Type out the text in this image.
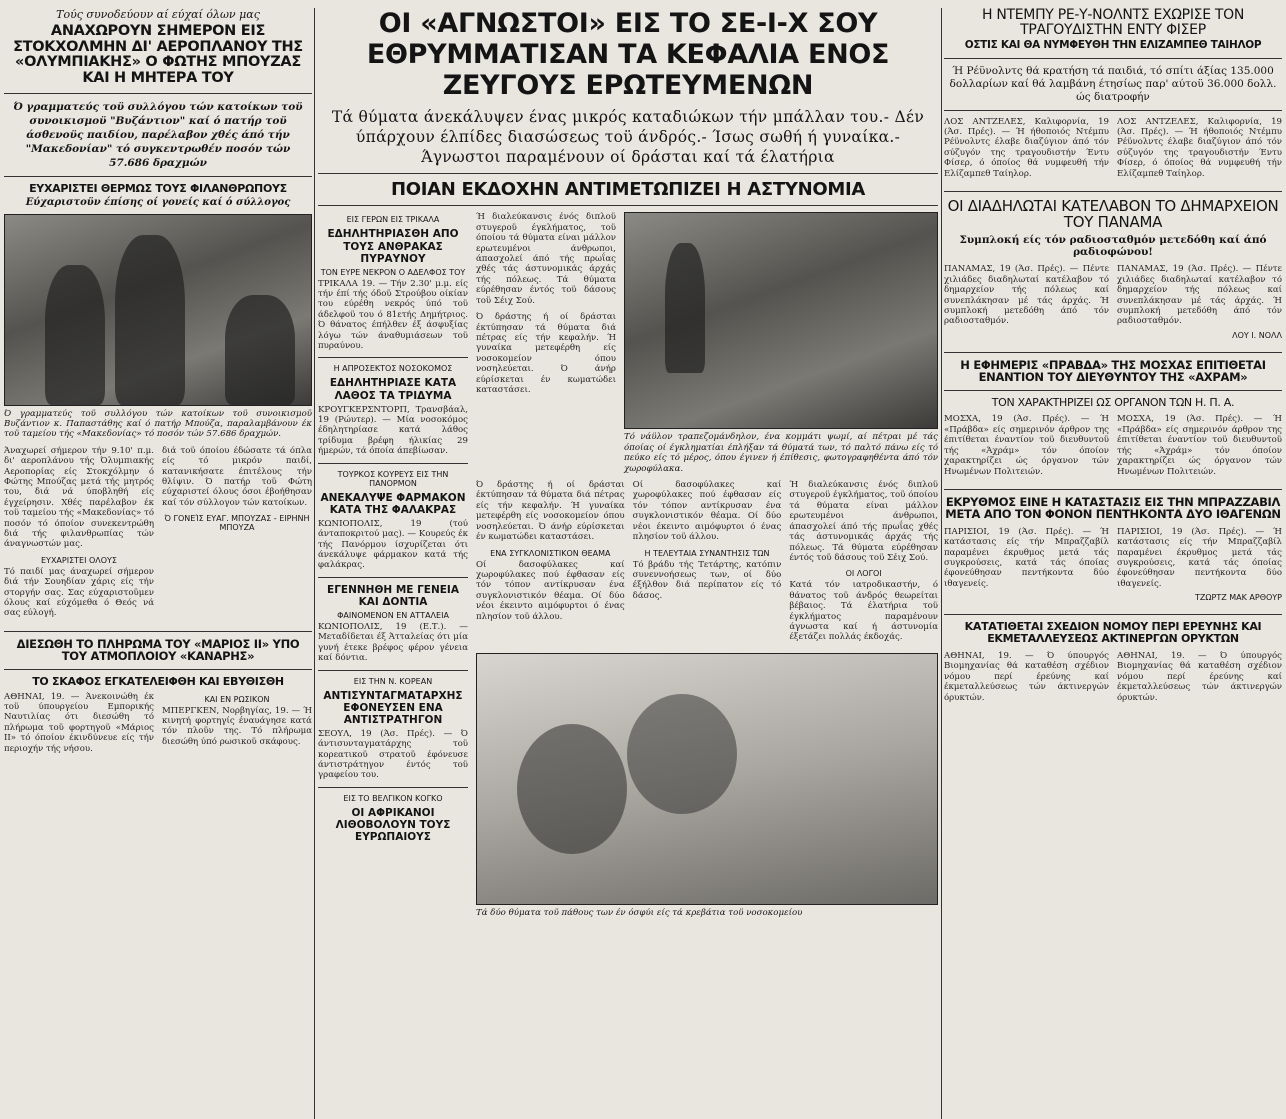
Τούς συνοδεύουν αί εύχαί όλων μας

ΑΝΑΧΩΡΟΥΝ ΣΗΜΕΡΟΝ ΕΙΣ ΣΤΟΚΧΟΛΜΗΝ ΔΙ' ΑΕΡΟΠΛΑΝΟΥ ΤΗΣ «ΟΛΥΜΠΙΑΚΗΣ» Ο ΦΩΤΗΣ ΜΠΟΥΖΑΣ ΚΑΙ Η ΜΗΤΕΡΑ ΤΟΥ

Ό γραμματεύς τοϋ συλλόγου τών κατοίκων τοϋ συνοικισμοϋ "Βυζάντιον" καί ό πατήρ τοϋ άσθενοϋς παιδίου, παρέλαβον χθές άπό τήν "Μακεδονίαν" τό συγκεντρωθέν ποσόν τών 57.686 δραχμών

ΕΥΧΑΡΙΣΤΕΙ ΘΕΡΜΩΣ ΤΟΥΣ ΦΙΛΑΝΘΡΩΠΟΥΣ

Εύχαριστοϋν έπίσης οί γονείς καί ό σύλλογος

Ό γραμματεύς τοϋ συλλόγου τών κατοίκων τοϋ συνοικισμοϋ Βυζάντιον κ. Παπαστάθης καί ό πατήρ Μπούζα, παραλαμβάνουν έκ τοϋ ταμείου τής «Μακεδονίας» τό ποσόν τών 57.686 δραχμών.

Άναχωρεί σήμερον τήν 9.10' π.μ. δι' αεροπλάνου τής Όλυμπιακής Αεροπορίας είς Στοκχόλμην ό Φώτης Μπούζας μετά τής μητρός του, διά νά ύποβληθή είς έγχείρησιν. Χθές παρέλαβον έκ τοϋ ταμείου τής «Μακεδονίας» τό ποσόν τό όποίον συνεκεντρώθη διά τής φιλανθρωπίας τών άναγνωστών μας.

ΕΥΧΑΡΙΣΤΕΙ ΟΛΟΥΣ

Τό παιδί μας άναχωρεί σήμερον διά τήν Σουηδίαν χάρις είς τήν στοργήν σας. Σας εύχαριστοϋμεν όλους καί εύχόμεθα ό Θεός νά σας εύλογή.

διά τοϋ όποίου έδώσατε τά όπλα είς τό μικρόν παιδί, κατανικήσατε έπιτέλους τήν θλίψιν. Ό πατήρ τοϋ Φώτη εύχαριστεί όλους όσοι έβοήθησαν καί τόν σύλλογον τών κατοίκων.

Ό ΓΟΝΕΊΣ ΕΥΑΓ. ΜΠΟΥΖΑΣ - ΕΙΡΗΝΗ ΜΠΟΥΖΑ

ΔΙΕΣΩΘΗ ΤΟ ΠΛΗΡΩΜΑ ΤΟΥ «ΜΑΡΙΟΣ ΙΙ» ΥΠΟ ΤΟΥ ΑΤΜΟΠΛΟΙΟΥ «ΚΑΝΑΡΗΣ»
ΤΟ ΣΚΑΦΟΣ ΕΓΚΑΤΕΛΕΙΦΘΗ ΚΑΙ ΕΒΥΘΙΣΘΗ

ΑΘΗΝΑΙ, 19. — Άνεκοινώθη έκ τοϋ ύπουργείου Εμπορικής Ναυτιλίας ότι διεσώθη τό πλήρωμα τοϋ φορτηγοϋ «Μάριος ΙΙ» τό όποίον έκινδύνευε είς τήν περιοχήν τής νήσου.

ΚΑΙ ΕΝ ΡΩΣΙΚΟΝ

ΜΠΕΡΓΚΕΝ, Νορβηγίας, 19. — Ή κινητή φορτηγίς έναυάγησε κατά τόν πλοϋν της. Τό πλήρωμα διεσώθη ύπό ρωσικοϋ σκάφους.

ΟΙ «ΑΓΝΩΣΤΟΙ» ΕΙΣ ΤΟ ΣΕ-Ι-Χ ΣΟΥ ΕΘΡΥΜΜΑΤΙΣΑΝ ΤΑ ΚΕΦΑΛΙΑ ΕΝΟΣ ΖΕΥΓΟΥΣ ΕΡΩΤΕΥΜΕΝΩΝ

Τά θύματα άνεκάλυψεν ένας μικρός καταδιώκων τήν μπάλλαν του.- Δέν ύπάρχουν έλπίδες διασώσεως τοϋ άνδρός.- Ίσως σωθή ή γυναίκα.- Άγνωστοι παραμένουν οί δράσται καί τά έλατήρια

ΠΟΙΑΝ ΕΚΔΟΧΗΝ ΑΝΤΙΜΕΤΩΠΙΖΕΙ Η ΑΣΤΥΝΟΜΙΑ

ΕΙΣ ΓΕΡΩΝ ΕΙΣ ΤΡΙΚΑΛΑ

ΕΔΗΛΗΤΗΡΙΑΣΘΗ ΑΠΟ ΤΟΥΣ ΑΝΘΡΑΚΑΣ ΠΥΡΑΥΝΟΥ

ΤΟΝ ΕΥΡΕ ΝΕΚΡΟΝ Ο ΑΔΕΛΦΟΣ ΤΟΥ

ΤΡΙΚΑΛΑ 19. — Τήν 2.30' μ.μ. είς τήν έπί τής όδοϋ Στρούβου οίκίαν του εύρέθη νεκρός ύπό τοϋ άδελφοϋ του ό 81ετής Δημήτριος. Ό θάνατος έπήλθεν έξ άσφυξίας λόγω τών άναθυμιάσεων τοϋ πυραύνου.

Η ΑΠΡΟΣΕΚΤΟΣ ΝΟΣΟΚΟΜΟΣ

ΕΔΗΛΗΤΗΡΙΑΣΕ ΚΑΤΑ ΛΑΘΟΣ ΤΑ ΤΡΙΔΥΜΑ

ΚΡΟΥΓΚΕΡΣΝΤΟΡΠ, Τρανσβάαλ, 19 (Ρώυτερ). — Μία νοσοκόμος έδηλητηρίασε κατά λάθος τρίδυμα βρέφη ήλικίας 29 ήμερών, τά όποία άπεβίωσαν.

ΤΟΥΡΚΟΣ ΚΟΥΡΕΥΣ ΕΙΣ ΤΗΝ ΠΑΝΟΡΜΟΝ

ΑΝΕΚΑΛΥΨΕ ΦΑΡΜΑΚΟΝ ΚΑΤΑ ΤΗΣ ΦΑΛΑΚΡΑΣ

ΚΩΝΙΟΠΟΛΙΣ, 19 (τού άνταποκριτού μας). — Κουρεύς έκ τής Πανόρμου ίσχυρίζεται ότι άνεκάλυψε φάρμακον κατά τής φαλάκρας.

ΕΓΕΝΝΗΘΗ ΜΕ ΓΕΝΕΙΑ ΚΑΙ ΔΟΝΤΙΑ

ΦΑΙΝΟΜΕΝΟΝ ΕΝ ΑΤΤΑΛΕΙΑ

ΚΩΝΙΟΠΟΛΙΣ, 19 (Ε.Τ.). — Μεταδίδεται έξ Άτταλείας ότι μία γυνή έτεκε βρέφος φέρον γένεια καί δόντια.

ΕΙΣ ΤΗΝ Ν. ΚΟΡΕΑΝ

ΑΝΤΙΣΥΝΤΑΓΜΑΤΑΡΧΗΣ ΕΦΟΝΕΥΣΕΝ ΕΝΑ ΑΝΤΙΣΤΡΑΤΗΓΟΝ

ΣΕΟΥΛ, 19 (Άσ. Πρές). — Ό άντισυνταγματάρχης τοϋ κορεατικοϋ στρατοϋ έφόνευσε άντιστράτηγον έντός τοϋ γραφείου του.

ΕΙΣ ΤΟ ΒΕΛΓΙΚΟΝ ΚΟΓΚΟ

ΟΙ ΑΦΡΙΚΑΝΟΙ ΛΙΘΟΒΟΛΟΥΝ ΤΟΥΣ ΕΥΡΩΠΑΙΟΥΣ

Ή διαλεύκανσις ένός διπλοϋ στυγεροϋ έγκλήματος, τοϋ όποίου τά θύματα είναι μάλλον ερωτευμένοι άνθρωποι, άπασχολεί άπό τής πρωΐας χθές τάς άστυνομικάς άρχάς τής πόλεως. Τά θύματα εύρέθησαν έντός τοϋ δάσους τοϋ Σέιχ Σού.

Ό δράστης ή οί δράσται έκτύπησαν τά θύματα διά πέτρας είς τήν κεφαλήν. Ή γυναίκα μετεφέρθη είς νοσοκομείον όπου νοσηλεύεται. Ό άνήρ εύρίσκεται έν κωματώδει καταστάσει.

Τό νάϋλον τραπεζομάνδηλον, ένα κομμάτι ψωμί, αί πέτραι μέ τάς όποίας οί έγκληματίαι έπλήξαν τά θύματά των, τό παλτό πάνω είς τό πεύκο είς τό μέρος, όπου έγινεν ή έπίθεσις, φωτογραφηθέντα άπό τόν χωροφύλακα.

Ό δράστης ή οί δράσται έκτύπησαν τά θύματα διά πέτρας είς τήν κεφαλήν. Ή γυναίκα μετεφέρθη είς νοσοκομείον όπου νοσηλεύεται. Ό άνήρ εύρίσκεται έν κωματώδει καταστάσει.

ΕΝΑ ΣΥΓΚΛΟΝΙΣΤΙΚΟΝ ΘΕΑΜΑ

Οί δασοφύλακες καί χωροφύλακες πού έφθασαν είς τόν τόπον αντίκρυσαν ένα συγκλονιστικόν θέαμα. Οί δύο νέοι έκειντο αιμόφυρτοι ό ένας πλησίον τοϋ άλλου.

Οί δασοφύλακες καί χωροφύλακες πού έφθασαν είς τόν τόπον αντίκρυσαν ένα συγκλονιστικόν θέαμα. Οί δύο νέοι έκειντο αιμόφυρτοι ό ένας πλησίον τοϋ άλλου.

Η ΤΕΛΕΥΤΑΙΑ ΣΥΝΑΝΤΗΣΙΣ ΤΩΝ

Τό βράδυ τής Τετάρτης, κατόπιν συνεννοήσεως των, οί δύο έξήλθον διά περίπατον είς τό δάσος.

Ή διαλεύκανσις ένός διπλοϋ στυγεροϋ έγκλήματος, τοϋ όποίου τά θύματα είναι μάλλον ερωτευμένοι άνθρωποι, άπασχολεί άπό τής πρωΐας χθές τάς άστυνομικάς άρχάς τής πόλεως. Τά θύματα εύρέθησαν έντός τοϋ δάσους τοϋ Σέιχ Σού.

ΟΙ ΛΟΓΟΙ

Κατά τόν ιατροδικαστήν, ό θάνατος τοϋ άνδρός θεωρείται βέβαιος. Τά έλατήρια τοϋ έγκλήματος παραμένουν άγνωστα καί ή άστυνομία έξετάζει πολλάς έκδοχάς.

Τά δύο θύματα τοϋ πάθους των έν όσφύι είς τά κρεβάτια τοϋ νοσοκομείου

Η ΝΤΕΜΠΥ ΡΕ-Υ-ΝΟΛΝΤΣ ΕΧΩΡΙΣΕ ΤΟΝ ΤΡΑΓΟΥΔΙΣΤΗΝ ΕΝΤΥ ΦΙΣΕΡ

ΟΣΤΙΣ ΚΑΙ ΘΑ ΝΥΜΦΕΥΘΗ ΤΗΝ ΕΛΙΖΑΜΠΕΘ ΤΑΙΗΛΟΡ

Ή Ρέϋνολντς θά κρατήση τά παιδιά, τό σπίτι άξίας 135.000 δολλαρίων καί θά λαμβάνη έτησίως παρ' αύτοϋ 36.000 δολλ. ώς διατροφήν

ΛΟΣ ΑΝΤΖΕΛΕΣ, Καλιφορνία, 19 (Άσ. Πρές). — Ή ήθοποιός Ντέμπυ Ρέϋνολντς έλαβε διαζύγιον άπό τόν σύζυγόν της τραγουδιστήν Έντυ Φίσερ, ό όποίος θά νυμφευθή τήν Ελίζαμπεθ Ταίηλορ.

ΛΟΣ ΑΝΤΖΕΛΕΣ, Καλιφορνία, 19 (Άσ. Πρές). — Ή ήθοποιός Ντέμπυ Ρέϋνολντς έλαβε διαζύγιον άπό τόν σύζυγόν της τραγουδιστήν Έντυ Φίσερ, ό όποίος θά νυμφευθή τήν Ελίζαμπεθ Ταίηλορ.

ΟΙ ΔΙΑΔΗΛΩΤΑΙ ΚΑΤΕΛΑΒΟΝ ΤΟ ΔΗΜΑΡΧΕΙΟΝ ΤΟΥ ΠΑΝΑΜΑ

Συμπλοκή είς τόν ραδιοσταθμόν μετεδόθη καί άπό ραδιοφώνου!

ΠΑΝΑΜΑΣ, 19 (Άσ. Πρές). — Πέντε χιλιάδες διαδηλωταί κατέλαβον τό δημαρχείον τής πόλεως καί συνεπλάκησαν μέ τάς άρχάς. Ή συμπλοκή μετεδόθη άπό τόν ραδιοσταθμόν.

ΠΑΝΑΜΑΣ, 19 (Άσ. Πρές). — Πέντε χιλιάδες διαδηλωταί κατέλαβον τό δημαρχείον τής πόλεως καί συνεπλάκησαν μέ τάς άρχάς. Ή συμπλοκή μετεδόθη άπό τόν ραδιοσταθμόν.

ΛΟΥ Ι. ΝΟΛΛ

Η ΕΦΗΜΕΡΙΣ «ΠΡΑΒΔΑ» ΤΗΣ ΜΟΣΧΑΣ ΕΠΙΤΙΘΕΤΑΙ ΕΝΑΝΤΙΟΝ ΤΟΥ ΔΙΕΥΘΥΝΤΟΥ ΤΗΣ «ΑΧΡΑΜ»

ΤΟΝ ΧΑΡΑΚΤΗΡΙΖΕΙ ΩΣ ΟΡΓΑΝΟΝ ΤΩΝ Η. Π. Α.

ΜΟΣΧΑ, 19 (Άσ. Πρές). — Ή «Πράβδα» είς σημερινόν άρθρον της έπιτίθεται έναντίον τοϋ διευθυντοϋ τής «Άχράμ» τόν όποίον χαρακτηρίζει ώς όργανον τών Ηνωμένων Πολιτειών.

ΜΟΣΧΑ, 19 (Άσ. Πρές). — Ή «Πράβδα» είς σημερινόν άρθρον της έπιτίθεται έναντίον τοϋ διευθυντοϋ τής «Άχράμ» τόν όποίον χαρακτηρίζει ώς όργανον τών Ηνωμένων Πολιτειών.

ΕΚΡΥΘΜΟΣ ΕΙΝΕ Η ΚΑΤΑΣΤΑΣΙΣ ΕΙΣ ΤΗΝ ΜΠΡΑΖΖΑΒΙΛ ΜΕΤΑ ΑΠΟ ΤΟΝ ΦΟΝΟΝ ΠΕΝΤΗΚΟΝΤΑ ΔΥΟ ΙΘΑΓΕΝΩΝ

ΠΑΡΙΣΙΟΙ, 19 (Άσ. Πρές). — Ή κατάστασις είς τήν Μπραζζαβίλ παραμένει έκρυθμος μετά τάς συγκρούσεις, κατά τάς όποίας έφονεύθησαν πεντήκοντα δύο ιθαγενείς.

ΠΑΡΙΣΙΟΙ, 19 (Άσ. Πρές). — Ή κατάστασις είς τήν Μπραζζαβίλ παραμένει έκρυθμος μετά τάς συγκρούσεις, κατά τάς όποίας έφονεύθησαν πεντήκοντα δύο ιθαγενείς.

ΤΖΩΡΤΖ ΜΑΚ ΑΡΘΟΥΡ

ΚΑΤΑΤΙΘΕΤΑΙ ΣΧΕΔΙΟΝ ΝΟΜΟΥ ΠΕΡΙ ΕΡΕΥΝΗΣ ΚΑΙ ΕΚΜΕΤΑΛΛΕΥΣΕΩΣ ΑΚΤΙΝΕΡΓΩΝ ΟΡΥΚΤΩΝ

ΑΘΗΝΑΙ, 19. — Ό ύπουργός Βιομηχανίας θά καταθέση σχέδιον νόμου περί έρεύνης καί έκμεταλλεύσεως τών άκτινεργών όρυκτών.

ΑΘΗΝΑΙ, 19. — Ό ύπουργός Βιομηχανίας θά καταθέση σχέδιον νόμου περί έρεύνης καί έκμεταλλεύσεως τών άκτινεργών όρυκτών.
